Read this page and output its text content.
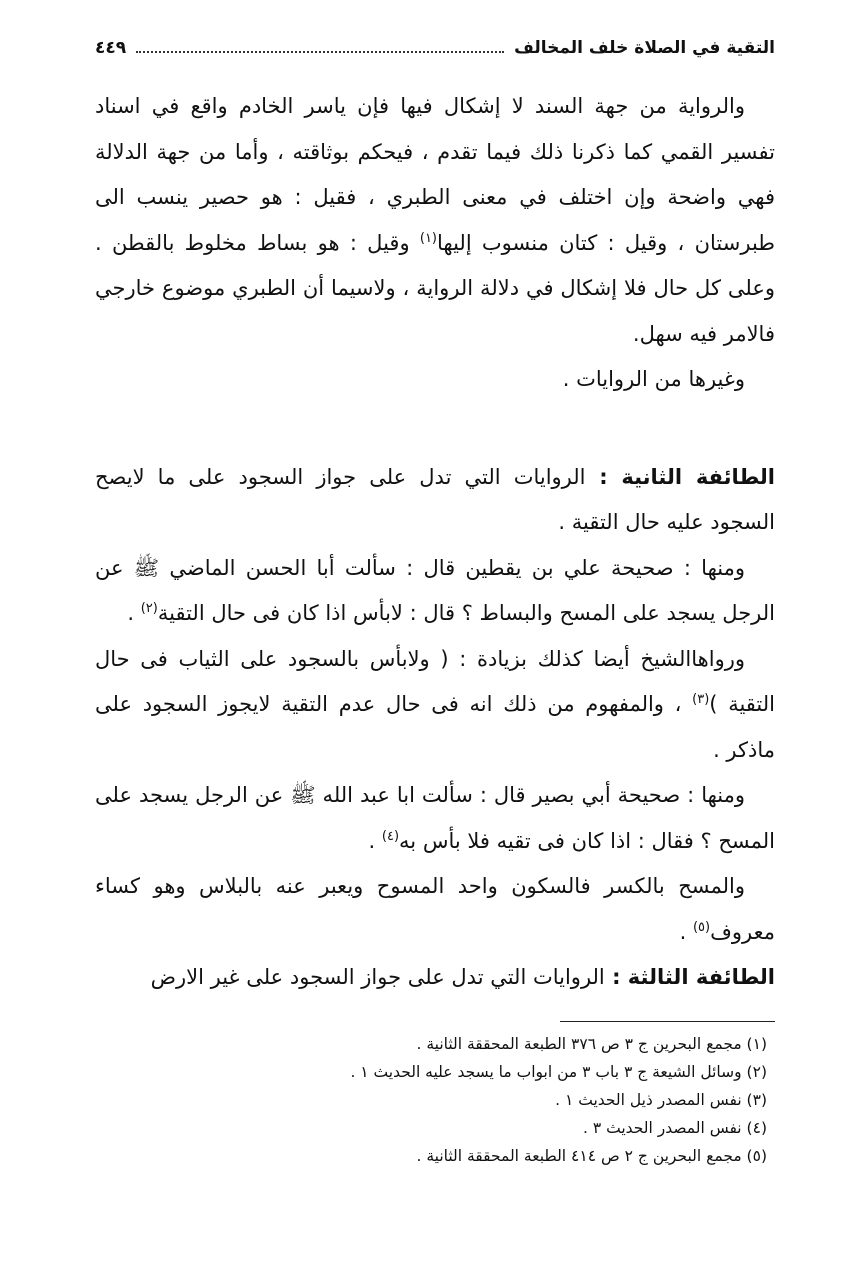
التقية في الصلاة خلف المخالف
٤٤٩

والرواية من جهة السند لا إشكال فيها فإن ياسر الخادم واقع في اسناد تفسير القمي كما ذكرنا ذلك فيما تقدم ، فيحكم بوثاقته ، وأما من جهة الدلالة فهي واضحة وإن اختلف في معنى الطبري ، فقيل : هو حصير ينسب الى طبرستان ، وقيل : كتان منسوب إليها$^{(١)}$ وقيل : هو بساط مخلوط بالقطن . وعلى كل حال فلا إشكال في دلالة الرواية ، ولاسيما أن الطبري موضوع خارجي فالامر فيه سهل.

وغيرها من الروايات .

الطائفة الثانية : الروايات التي تدل على جواز السجود على ما لايصح السجود عليه حال التقية .

ومنها : صحيحة علي بن يقطين قال : سألت أبا الحسن الماضي ﷺ عن الرجل يسجد على المسح والبساط ؟ قال : لابأس اذا كان فى حال التقية$^{(٢)}$ .

ورواهاالشيخ أيضا كذلك بزيادة : ( ولابأس بالسجود على الثياب فى حال التقية )$^{(٣)}$ ، والمفهوم من ذلك انه فى حال عدم التقية لايجوز السجود على ماذكر .

ومنها : صحيحة أبي بصير قال : سألت ابا عبد الله ﷺ عن الرجل يسجد على المسح ؟ فقال : اذا كان فى تقيه فلا بأس به$^{(٤)}$ .

والمسح بالكسر فالسكون واحد المسوح ويعبر عنه بالبلاس وهو كساء معروف$^{(٥)}$ .

الطائفة الثالثة : الروايات التي تدل على جواز السجود على غير الارض

(١) مجمع البحرين ج ٣ ص ٣٧٦ الطبعة المحققة الثانية .
(٢) وسائل الشيعة ج ٣ باب ٣ من ابواب ما يسجد عليه الحديث ١ .
(٣) نفس المصدر ذيل الحديث ١ .
(٤) نفس المصدر الحديث ٣ .
(٥) مجمع البحرين ج ٢ ص ٤١٤ الطبعة المحققة الثانية .
